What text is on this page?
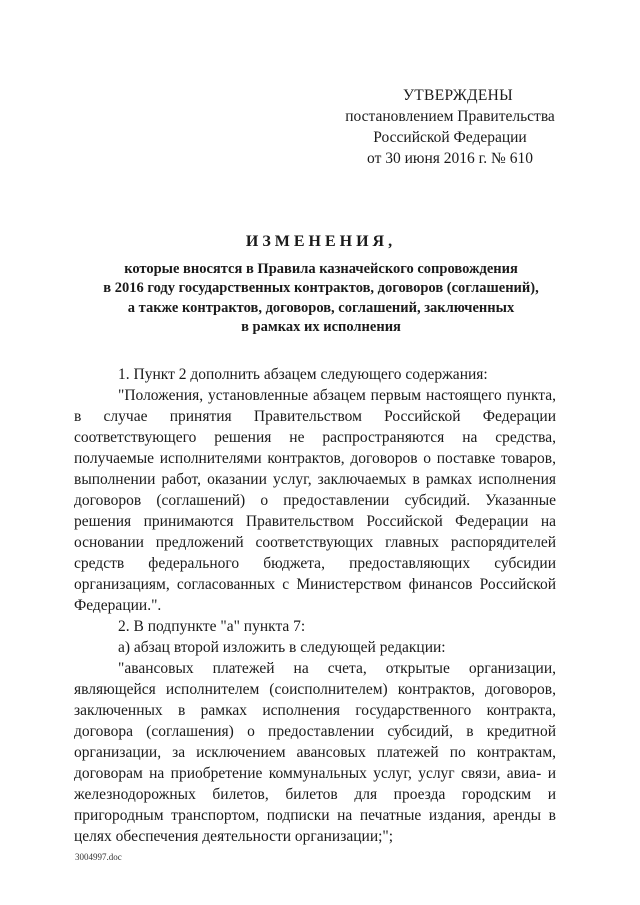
УТВЕРЖДЕНЫ
постановлением Правительства
Российской Федерации
от 30 июня 2016 г. № 610
ИЗМЕНЕНИЯ,
которые вносятся в Правила казначейского сопровождения
в 2016 году государственных контрактов, договоров (соглашений),
а также контрактов, договоров, соглашений, заключенных
в рамках их исполнения

1. Пункт 2 дополнить абзацем следующего содержания:

"Положения, установленные абзацем первым настоящего пункта, в случае принятия Правительством Российской Федерации соответствующего решения не распространяются на средства, получаемые исполнителями контрактов, договоров о поставке товаров, выполнении работ, оказании услуг, заключаемых в рамках исполнения договоров (соглашений) о предоставлении субсидий. Указанные решения принимаются Правительством Российской Федерации на основании предложений соответствующих главных распорядителей средств федерального бюджета, предоставляющих субсидии организациям, согласованных с Министерством финансов Российской Федерации.".

2. В подпункте "а" пункта 7:

а) абзац второй изложить в следующей редакции:

"авансовых платежей на счета, открытые организации, являющейся исполнителем (соисполнителем) контрактов, договоров, заключенных в рамках исполнения государственного контракта, договора (соглашения) о предоставлении субсидий, в кредитной организации, за исключением авансовых платежей по контрактам, договорам на приобретение коммунальных услуг, услуг связи, авиа- и железнодорожных билетов, билетов для проезда городским и пригородным транспортом, подписки на печатные издания, аренды в целях обеспечения деятельности организации;";

3004997.doc
